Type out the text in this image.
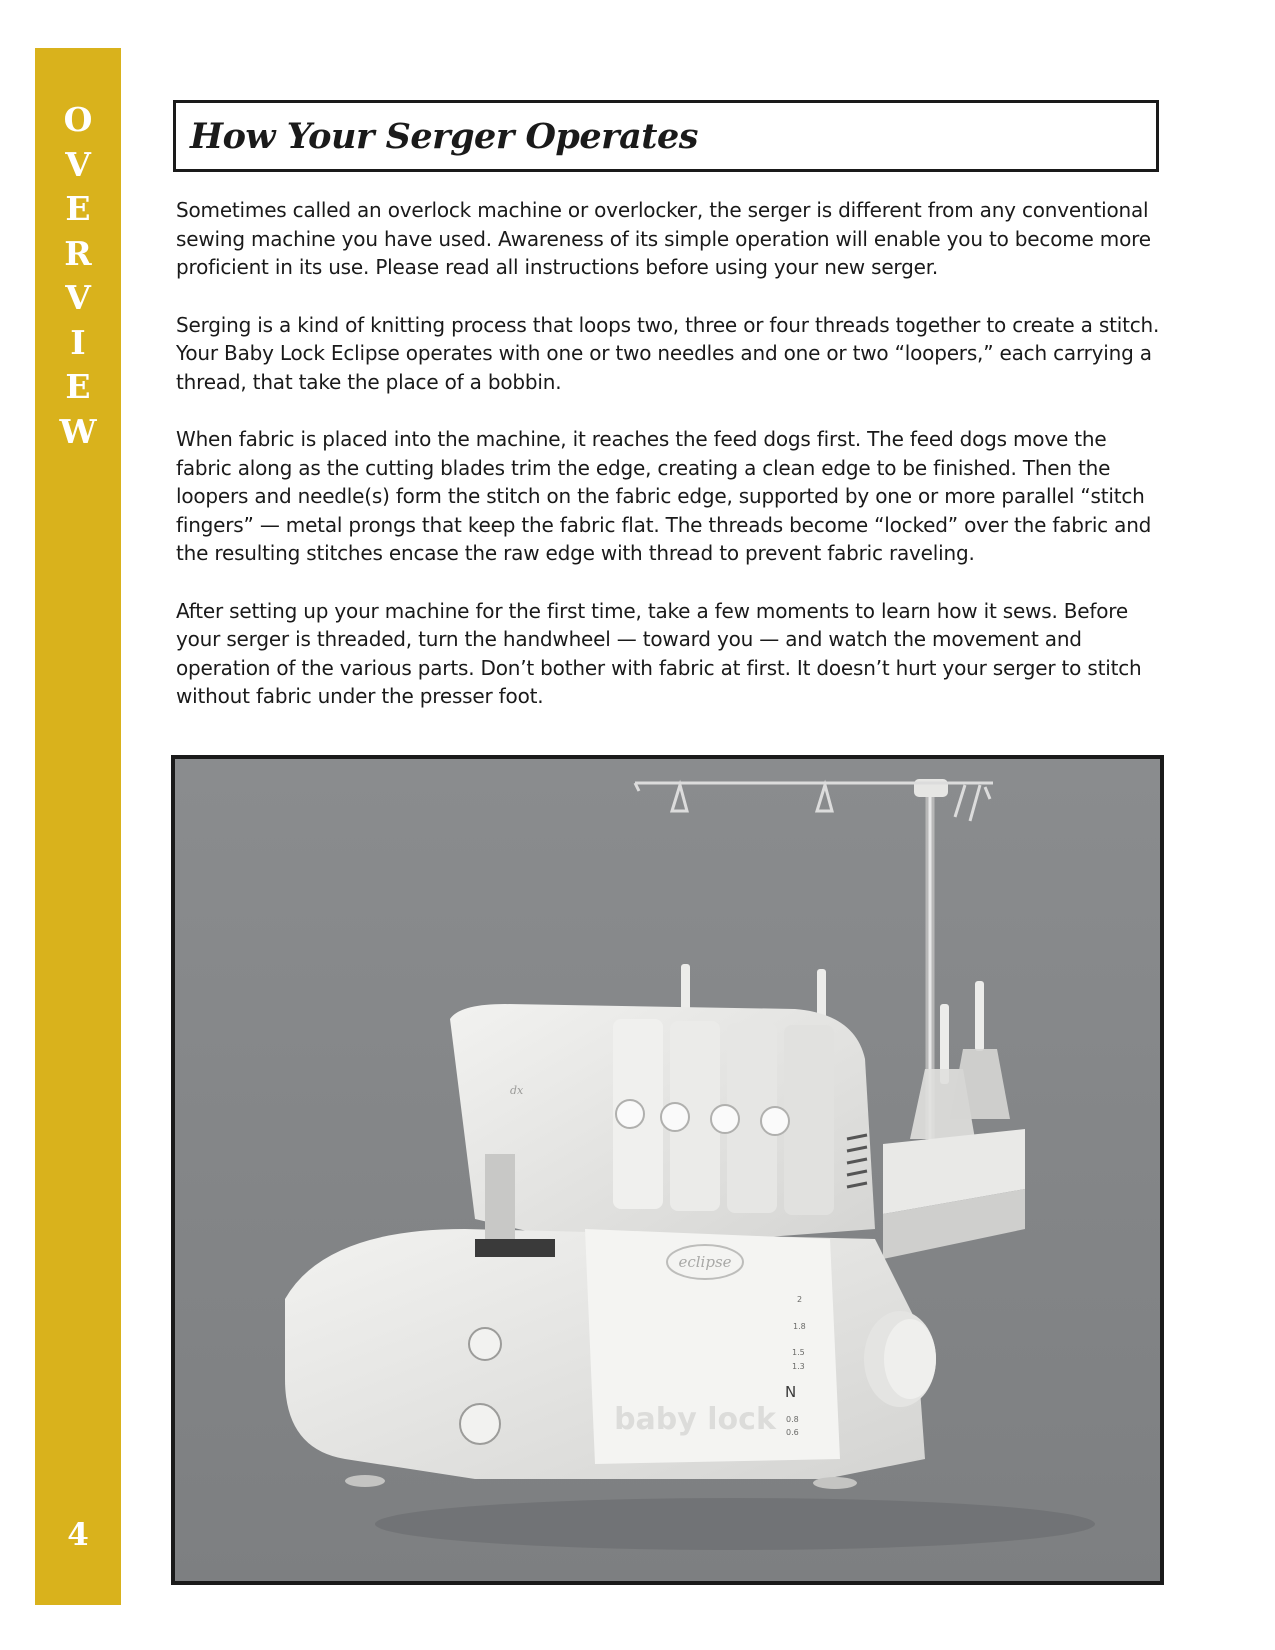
O
V
E
R
V
I
E
W
4
How Your Serger Operates

Sometimes called an overlock machine or overlocker, the serger is different from any conventional sewing machine you have used. Awareness of its simple operation will enable you to become more proficient in its use. Please read all instructions before using your new serger.

Serging is a kind of knitting process that loops two, three or four threads together to create a stitch. Your Baby Lock Eclipse operates with one or two needles and one or two “loopers,” each carrying a thread, that take the place of a bobbin.

When fabric is placed into the machine, it reaches the feed dogs first. The feed dogs move the fabric along as the cutting blades trim the edge, creating a clean edge to be finished. Then the loopers and needle(s) form the stitch on the fabric edge, supported by one or more parallel “stitch fingers” — metal prongs that keep the fabric flat. The threads become “locked” over the fabric and the resulting stitches encase the raw edge with thread to prevent fabric raveling.

After setting up your machine for the first time, take a few moments to learn how it sews. Before your serger is threaded, turn the handwheel — toward you — and watch the movement and operation of the various parts. Don’t bother with fabric at first. It doesn’t hurt your serger to stitch without fabric under the presser foot.

dx
eclipse
2
1.8
1.5
1.3
N
0.8
0.6
baby lock
